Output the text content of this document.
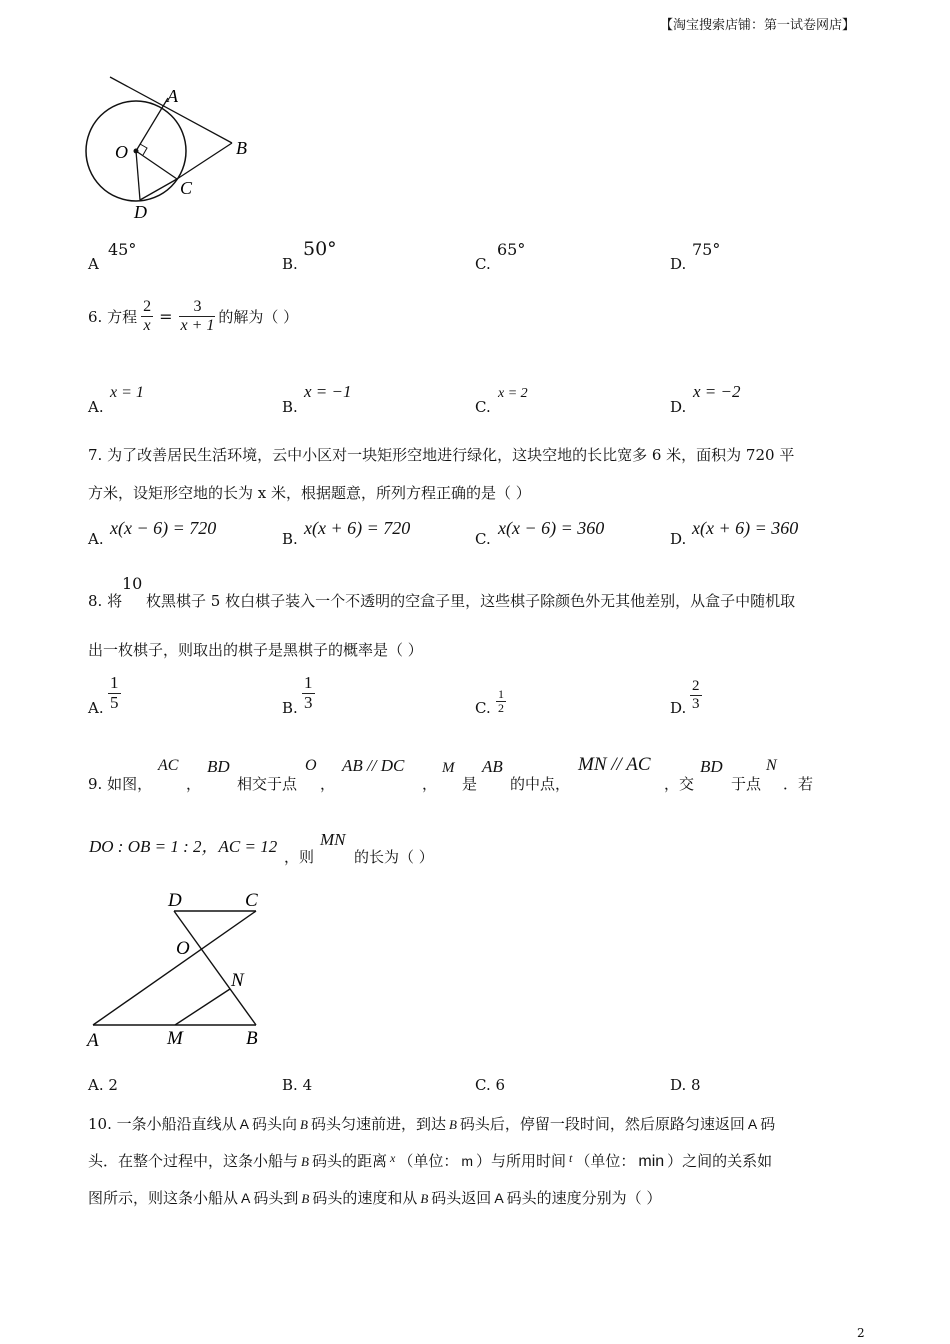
【淘宝搜索店铺：第一试卷网店】
A
B
O
C
D
A
45°
B.
50°
C.
65°
D.
75°
6. 方程 $\frac{2}{x} = \frac{3}{x + 1}$ 的解为（ ）
A.
x = 1
B.
x = −1
C.
x = 2
D.
x = −2
7. 为了改善居民生活环境，云中小区对一块矩形空地进行绿化，这块空地的长比宽多 6 米，面积为 720 平
方米，设矩形空地的长为 x 米，根据题意，所列方程正确的是（ ）
A.
x(x − 6) = 720
B.
x(x + 6) = 720
C.
x(x − 6) = 360
D.
x(x + 6) = 360
8. 将
10
枚黑棋子 5 枚白棋子装入一个不透明的空盒子里，这些棋子除颜色外无其他差别，从盒子中随机取
出一枚棋子，则取出的棋子是黑棋子的概率是（ ）
A. $\frac{1}{5}$	B. $\frac{1}{3}$	C. $\frac{1}{2}$	D. $\frac{2}{3}$
9. 如图，
AC
，
BD
相交于点
O
，
AB // DC
，
M
是
AB
的中点，
MN // AC
，交
BD
于点
N
．若
DO : OB = 1 : 2，AC = 12
，则
MN
的长为（ ）
D	C
O
N
A	M	B
A. 2	B. 4	C. 6	D. 8
10. 一条小船沿直线从 A 码头向 B 码头匀速前进，到达 B 码头后，停留一段时间，然后原路匀速返回 A 码
头．在整个过程中，这条小船与 B 码头的距离 $^x$ （单位： m ）与所用时间 $^t$ （单位： min ）之间的关系如
图所示，则这条小船从 A 码头到 B 码头的速度和从 B 码头返回 A 码头的速度分别为（ ）
2
